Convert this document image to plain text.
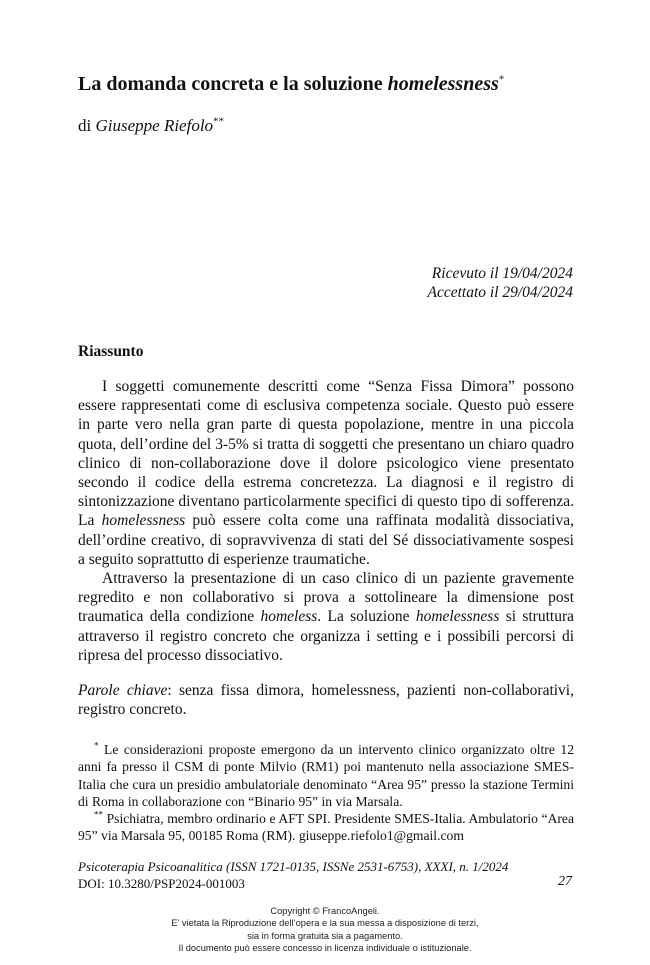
La domanda concreta e la soluzione homelessness*
di Giuseppe Riefolo**
Ricevuto il 19/04/2024
Accettato il 29/04/2024
Riassunto

I soggetti comunemente descritti come “Senza Fissa Dimora” possono essere rappresentati come di esclusiva competenza sociale. Questo può essere in parte vero nella gran parte di questa popolazione, mentre in una piccola quota, dell’ordine del 3-5% si tratta di soggetti che presentano un chiaro quadro clinico di non-collaborazione dove il dolore psicologico viene presentato secondo il codice della estrema concretezza. La diagnosi e il registro di sintonizzazione diventano particolarmente specifici di questo tipo di sofferenza. La homelessness può essere colta come una raffinata modalità dissociativa, dell’ordine creativo, di sopravvivenza di stati del Sé dissociativamente sospesi a seguito soprattutto di esperienze traumatiche.

Attraverso la presentazione di un caso clinico di un paziente gravemente regredito e non collaborativo si prova a sottolineare la dimensione post traumatica della condizione homeless. La soluzione homelessness si struttura attraverso il registro concreto che organizza i setting e i possibili percorsi di ripresa del processo dissociativo.

Parole chiave: senza fissa dimora, homelessness, pazienti non-collaborativi, registro concreto.

* Le considerazioni proposte emergono da un intervento clinico organizzato oltre 12 anni fa presso il CSM di ponte Milvio (RM1) poi mantenuto nella associazione SMES-Italia che cura un presidio ambulatoriale denominato “Area 95” presso la stazione Termini di Roma in collaborazione con “Binario 95” in via Marsala.

** Psichiatra, membro ordinario e AFT SPI. Presidente SMES-Italia. Ambulatorio “Area 95” via Marsala 95, 00185 Roma (RM). giuseppe.riefolo1@gmail.com

Psicoterapia Psicoanalitica (ISSN 1721-0135, ISSNe 2531-6753), XXXI, n. 1/2024
DOI: 10.3280/PSP2024-001003	27
Copyright © FrancoAngeli.
E’ vietata la Riproduzione dell’opera e la sua messa a disposizione di terzi,
sia in forma gratuita sia a pagamento.
Il documento può essere concesso in licenza individuale o istituzionale.
